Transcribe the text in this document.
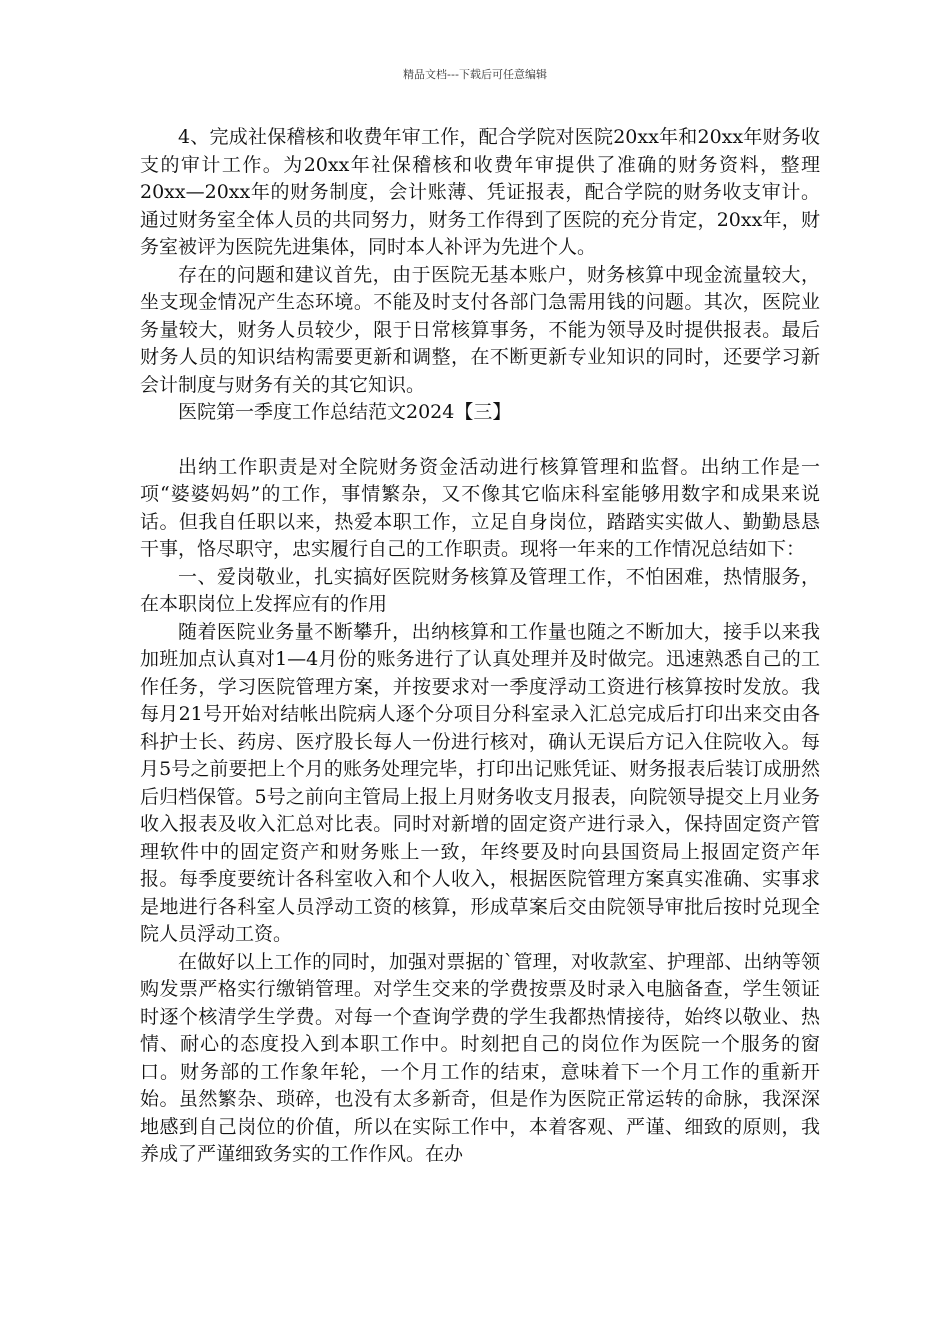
精品文档---下载后可任意编辑

4、完成社保稽核和收费年审工作，配合学院对医院20xx年和20xx年财务收支的审计工作。为20xx年社保稽核和收费年审提供了准确的财务资料，整理20xx—20xx年的财务制度，会计账薄、凭证报表，配合学院的财务收支审计。通过财务室全体人员的共同努力，财务工作得到了医院的充分肯定，20xx年，财务室被评为医院先进集体，同时本人补评为先进个人。

存在的问题和建议首先，由于医院无基本账户，财务核算中现金流量较大，坐支现金情况产生态环境。不能及时支付各部门急需用钱的问题。其次，医院业务量较大，财务人员较少，限于日常核算事务，不能为领导及时提供报表。最后财务人员的知识结构需要更新和调整，在不断更新专业知识的同时，还要学习新会计制度与财务有关的其它知识。

医院第一季度工作总结范文2024【三】

出纳工作职责是对全院财务资金活动进行核算管理和监督。出纳工作是一项“婆婆妈妈”的工作，事情繁杂，又不像其它临床科室能够用数字和成果来说话。但我自任职以来，热爱本职工作，立足自身岗位，踏踏实实做人、勤勤恳恳干事，恪尽职守，忠实履行自己的工作职责。现将一年来的工作情况总结如下：

一、爱岗敬业，扎实搞好医院财务核算及管理工作，不怕困难，热情服务，在本职岗位上发挥应有的作用

随着医院业务量不断攀升，出纳核算和工作量也随之不断加大，接手以来我加班加点认真对1—4月份的账务进行了认真处理并及时做完。迅速熟悉自己的工作任务，学习医院管理方案，并按要求对一季度浮动工资进行核算按时发放。我每月21号开始对结帐出院病人逐个分项目分科室录入汇总完成后打印出来交由各科护士长、药房、医疗股长每人一份进行核对，确认无误后方记入住院收入。每月5号之前要把上个月的账务处理完毕，打印出记账凭证、财务报表后装订成册然后归档保管。5号之前向主管局上报上月财务收支月报表，向院领导提交上月业务收入报表及收入汇总对比表。同时对新增的固定资产进行录入，保持固定资产管理软件中的固定资产和财务账上一致，年终要及时向县国资局上报固定资产年报。每季度要统计各科室收入和个人收入，根据医院管理方案真实准确、实事求是地进行各科室人员浮动工资的核算，形成草案后交由院领导审批后按时兑现全院人员浮动工资。

在做好以上工作的同时，加强对票据的`管理，对收款室、护理部、出纳等领购发票严格实行缴销管理。对学生交来的学费按票及时录入电脑备查，学生领证时逐个核清学生学费。对每一个查询学费的学生我都热情接待，始终以敬业、热情、耐心的态度投入到本职工作中。时刻把自己的岗位作为医院一个服务的窗口。财务部的工作象年轮，一个月工作的结束，意味着下一个月工作的重新开始。虽然繁杂、琐碎，也没有太多新奇，但是作为医院正常运转的命脉，我深深地感到自己岗位的价值，所以在实际工作中，本着客观、严谨、细致的原则，我养成了严谨细致务实的工作作风。在办
